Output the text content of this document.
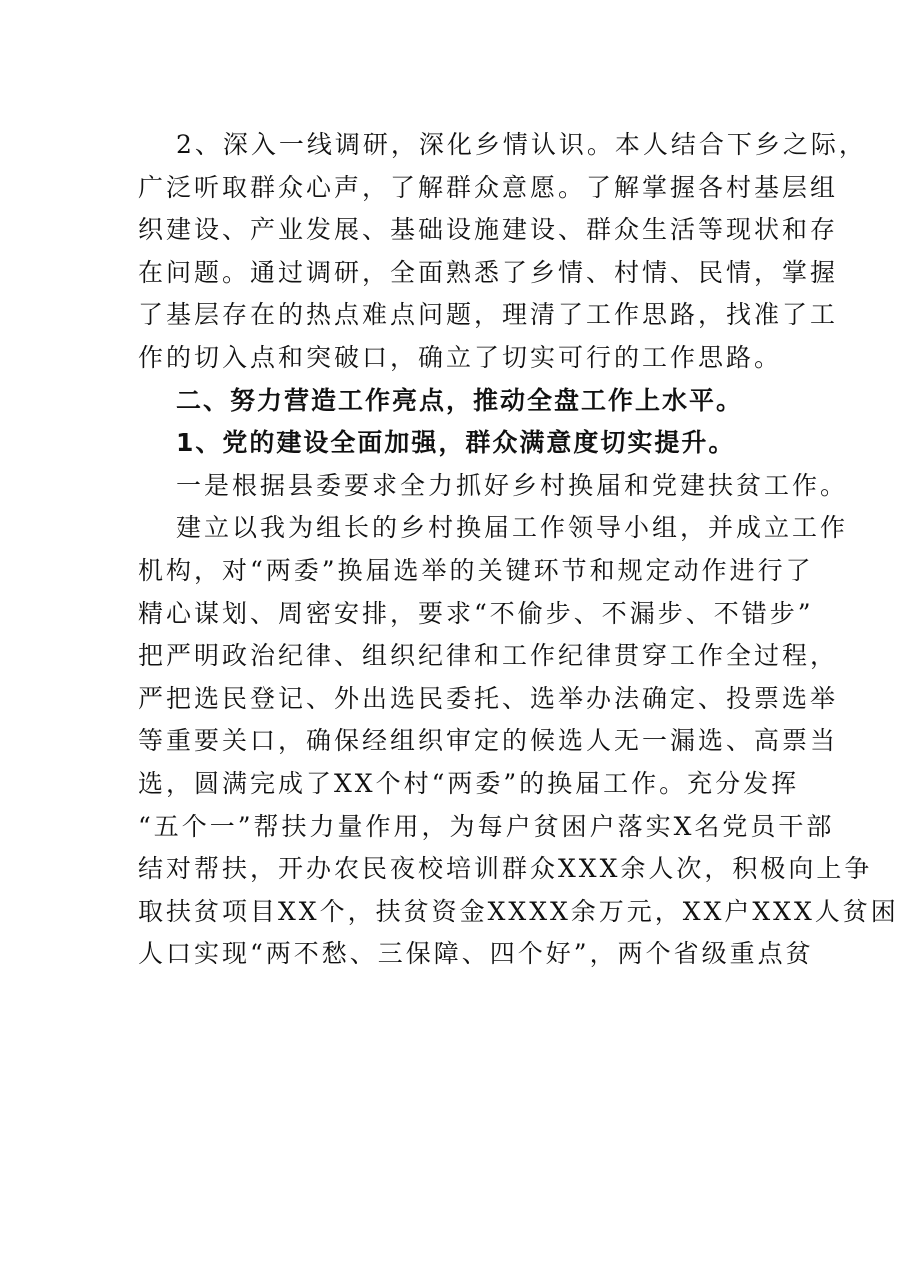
2、深入一线调研，深化乡情认识。本人结合下乡之际，
广泛听取群众心声，了解群众意愿。了解掌握各村基层组
织建设、产业发展、基础设施建设、群众生活等现状和存
在问题。通过调研，全面熟悉了乡情、村情、民情，掌握
了基层存在的热点难点问题，理清了工作思路，找准了工
作的切入点和突破口，确立了切实可行的工作思路。
二、努力营造工作亮点，推动全盘工作上水平。
1、党的建设全面加强，群众满意度切实提升。
一是根据县委要求全力抓好乡村换届和党建扶贫工作。
建立以我为组长的乡村换届工作领导小组，并成立工作
机构，对“两委”换届选举的关键环节和规定动作进行了
精心谋划、周密安排，要求“不偷步、不漏步、不错步”
把严明政治纪律、组织纪律和工作纪律贯穿工作全过程，
严把选民登记、外出选民委托、选举办法确定、投票选举
等重要关口，确保经组织审定的候选人无一漏选、高票当
选，圆满完成了XX个村“两委”的换届工作。充分发挥
“五个一”帮扶力量作用，为每户贫困户落实X名党员干部
结对帮扶，开办农民夜校培训群众XXX余人次，积极向上争
取扶贫项目XX个，扶贫资金XXXX余万元，XX户XXX人贫困
人口实现“两不愁、三保障、四个好”，两个省级重点贫
